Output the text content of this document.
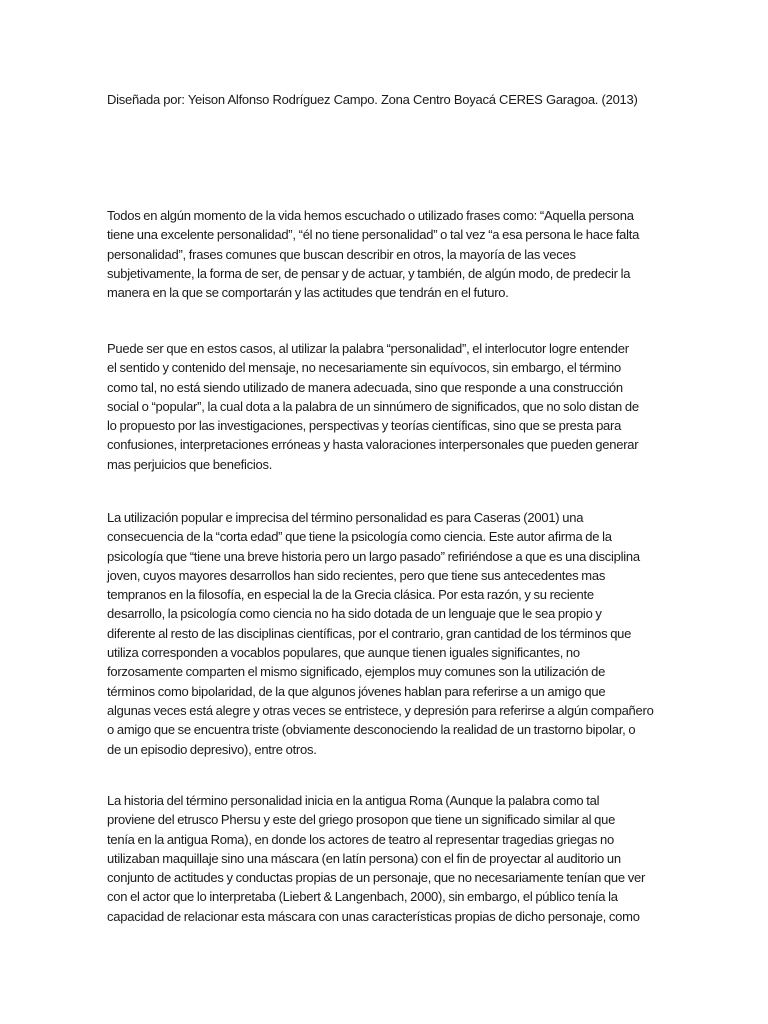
Diseñada por: Yeison Alfonso Rodríguez Campo. Zona Centro Boyacá CERES Garagoa. (2013)

Todos en algún momento de la vida hemos escuchado o utilizado frases como: “Aquella persona
tiene una excelente personalidad”, “él no tiene personalidad” o tal vez “a esa persona le hace falta
personalidad”, frases comunes que buscan describir en otros, la mayoría de las veces
subjetivamente, la forma de ser, de pensar y de actuar, y también, de algún modo, de predecir la
manera en la que se comportarán y las actitudes que tendrán en el futuro.

Puede ser que en estos casos, al utilizar la palabra “personalidad”, el interlocutor logre entender
el sentido y contenido del mensaje, no necesariamente sin equívocos, sin embargo, el término
como tal, no está siendo utilizado de manera adecuada, sino que responde a una construcción
social o “popular”, la cual dota a la palabra de un sinnúmero de significados, que no solo distan de
lo propuesto por las investigaciones, perspectivas y teorías científicas, sino que se presta para
confusiones, interpretaciones erróneas y hasta valoraciones interpersonales que pueden generar
mas perjuicios que beneficios.

La utilización popular e imprecisa del término personalidad es para Caseras (2001) una
consecuencia de la “corta edad” que tiene la psicología como ciencia. Este autor afirma de la
psicología que “tiene una breve historia pero un largo pasado” refiriéndose a que es una disciplina
joven, cuyos mayores desarrollos han sido recientes, pero que tiene sus antecedentes mas
tempranos en la filosofía, en especial la de la Grecia clásica. Por esta razón, y su reciente
desarrollo, la psicología como ciencia no ha sido dotada de un lenguaje que le sea propio y
diferente al resto de las disciplinas científicas, por el contrario, gran cantidad de los términos que
utiliza corresponden a vocablos populares, que aunque tienen iguales significantes, no
forzosamente comparten el mismo significado, ejemplos muy comunes son la utilización de
términos como bipolaridad, de la que algunos jóvenes hablan para referirse a un amigo que
algunas veces está alegre y otras veces se entristece, y depresión para referirse a algún compañero
o amigo que se encuentra triste (obviamente desconociendo la realidad de un trastorno bipolar, o
de un episodio depresivo), entre otros.

La historia del término personalidad inicia en la antigua Roma (Aunque la palabra como tal
proviene del etrusco Phersu y este del griego prosopon que tiene un significado similar al que
tenía en la antigua Roma), en donde los actores de teatro al representar tragedias griegas no
utilizaban maquillaje sino una máscara (en latín persona) con el fin de proyectar al auditorio un
conjunto de actitudes y conductas propias de un personaje, que no necesariamente tenían que ver
con el actor que lo interpretaba (Liebert & Langenbach, 2000), sin embargo, el público tenía la
capacidad de relacionar esta máscara con unas características propias de dicho personaje, como
